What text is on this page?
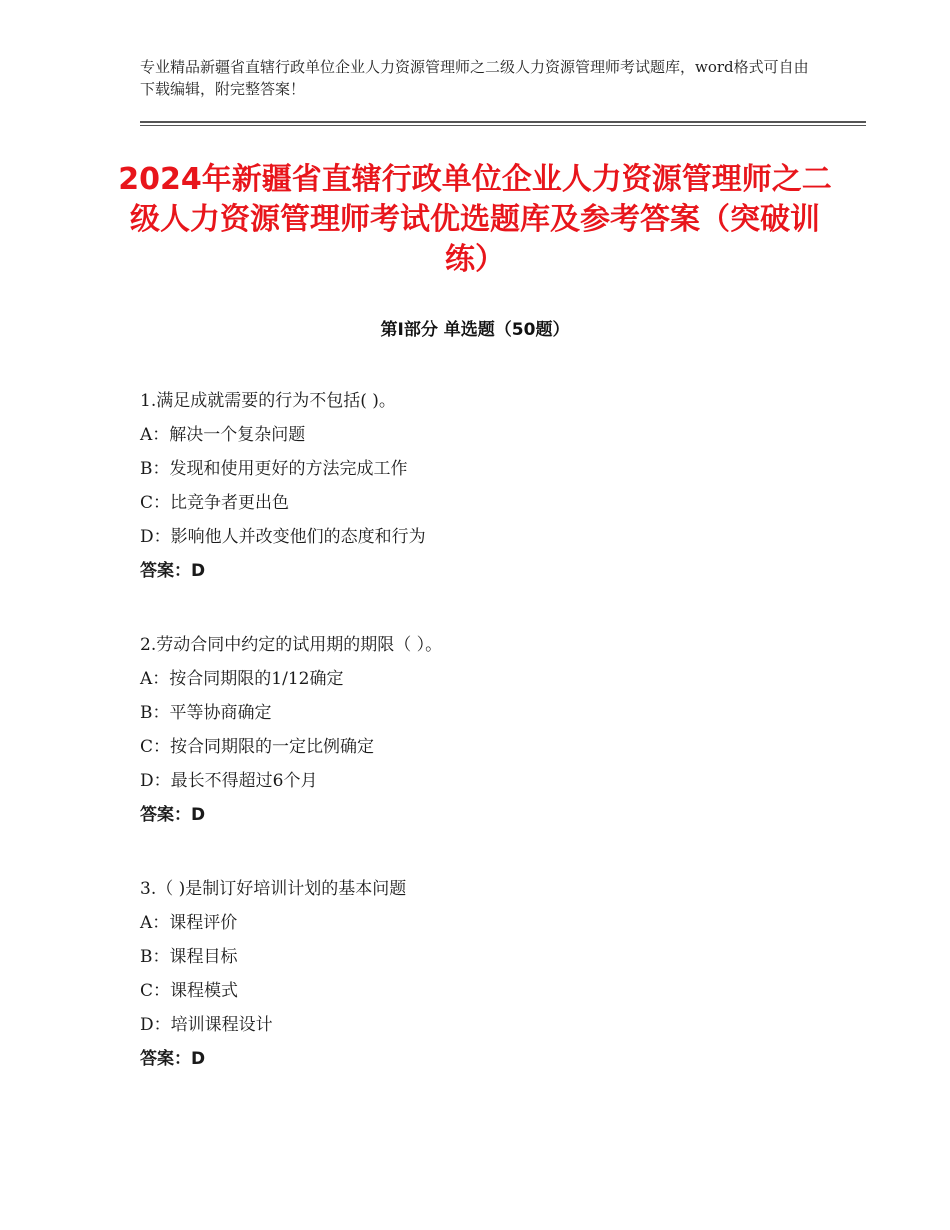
专业精品新疆省直辖行政单位企业人力资源管理师之二级人力资源管理师考试题库，word格式可自由下载编辑，附完整答案！
2024年新疆省直辖行政单位企业人力资源管理师之二级人力资源管理师考试优选题库及参考答案（突破训练）
第Ⅰ部分 单选题（50题）
1.满足成就需要的行为不包括( )。
A：解决一个复杂问题
B：发现和使用更好的方法完成工作
C：比竞争者更出色
D：影响他人并改变他们的态度和行为
答案：D
2.劳动合同中约定的试用期的期限（ ）。
A：按合同期限的1/12确定
B：平等协商确定
C：按合同期限的一定比例确定
D：最长不得超过6个月
答案：D
3.（ )是制订好培训计划的基本问题
A：课程评价
B：课程目标
C：课程模式
D：培训课程设计
答案：D
